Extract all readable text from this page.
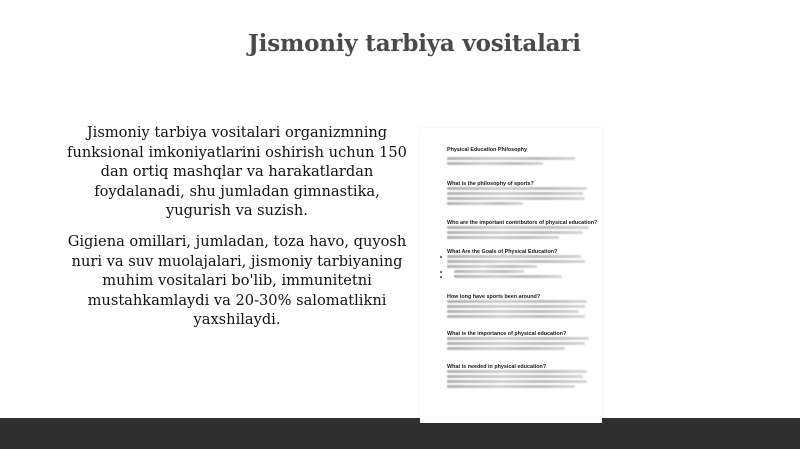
Jismoniy tarbiya vositalari
Jismoniy tarbiya vositalari organizmning funksional imkoniyatlarini oshirish uchun 150 dan ortiq mashqlar va harakatlardan foydalanadi, shu jumladan gimnastika, yugurish va suzish.
Gigiena omillari, jumladan, toza havo, quyosh nuri va suv muolajalari, jismoniy tarbiyaning muhim vositalari bo'lib, immunitetni mustahkamlaydi va 20-30% salomatlikni yaxshilaydi.
Physical Education Philosophy
What is the philosophy of sports?
Who are the important contributors of physical education?
What Are the Goals of Physical Education?
How long have sports been around?
What is the importance of physical education?
What is needed in physical education?
